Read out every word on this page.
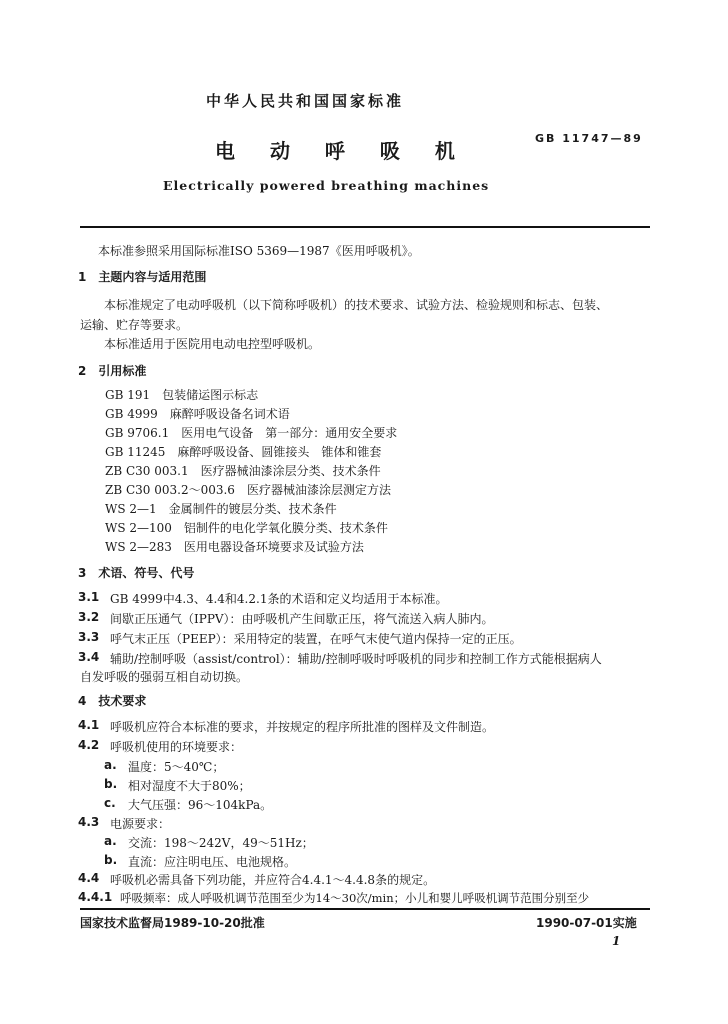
中华人民共和国国家标准
电 动 呼 吸 机
GB 11747—89
Electrically powered breathing machines
本标准参照采用国际标准ISO 5369—1987《医用呼吸机》。
1　主题内容与适用范围
本标准规定了电动呼吸机（以下简称呼吸机）的技术要求、试验方法、检验规则和标志、包装、
运输、贮存等要求。
本标准适用于医院用电动电控型呼吸机。
2　引用标准
GB 191　包装储运图示标志
GB 4999　麻醉呼吸设备名词术语
GB 9706.1　医用电气设备　第一部分：通用安全要求
GB 11245　麻醉呼吸设备、圆锥接头　锥体和锥套
ZB C30 003.1　医疗器械油漆涂层分类、技术条件
ZB C30 003.2～003.6　医疗器械油漆涂层测定方法
WS 2—1　金属制件的镀层分类、技术条件
WS 2—100　铝制件的电化学氧化膜分类、技术条件
WS 2—283　医用电器设备环境要求及试验方法
3　术语、符号、代号
3.1 GB 4999中4.3、4.4和4.2.1条的术语和定义均适用于本标准。
3.2 间歇正压通气（IPPV）：由呼吸机产生间歇正压，将气流送入病人肺内。
3.3 呼气末正压（PEEP）：采用特定的装置，在呼气末使气道内保持一定的正压。
3.4 辅助/控制呼吸（assist/control）：辅助/控制呼吸时呼吸机的同步和控制工作方式能根据病人
自发呼吸的强弱互相自动切换。
4　技术要求
4.1 呼吸机应符合本标准的要求，并按规定的程序所批准的图样及文件制造。
4.2 呼吸机使用的环境要求：
a. 温度：5～40℃；
b. 相对湿度不大于80%；
c. 大气压强：96～104kPa。
4.3 电源要求：
a. 交流：198～242V，49～51Hz；
b. 直流：应注明电压、电池规格。
4.4 呼吸机必需具备下列功能，并应符合4.4.1～4.4.8条的规定。
4.4.1 呼吸频率：成人呼吸机调节范围至少为14～30次/min；小儿和婴儿呼吸机调节范围分别至少
国家技术监督局1989-10-20批准	1990-07-01实施
1
